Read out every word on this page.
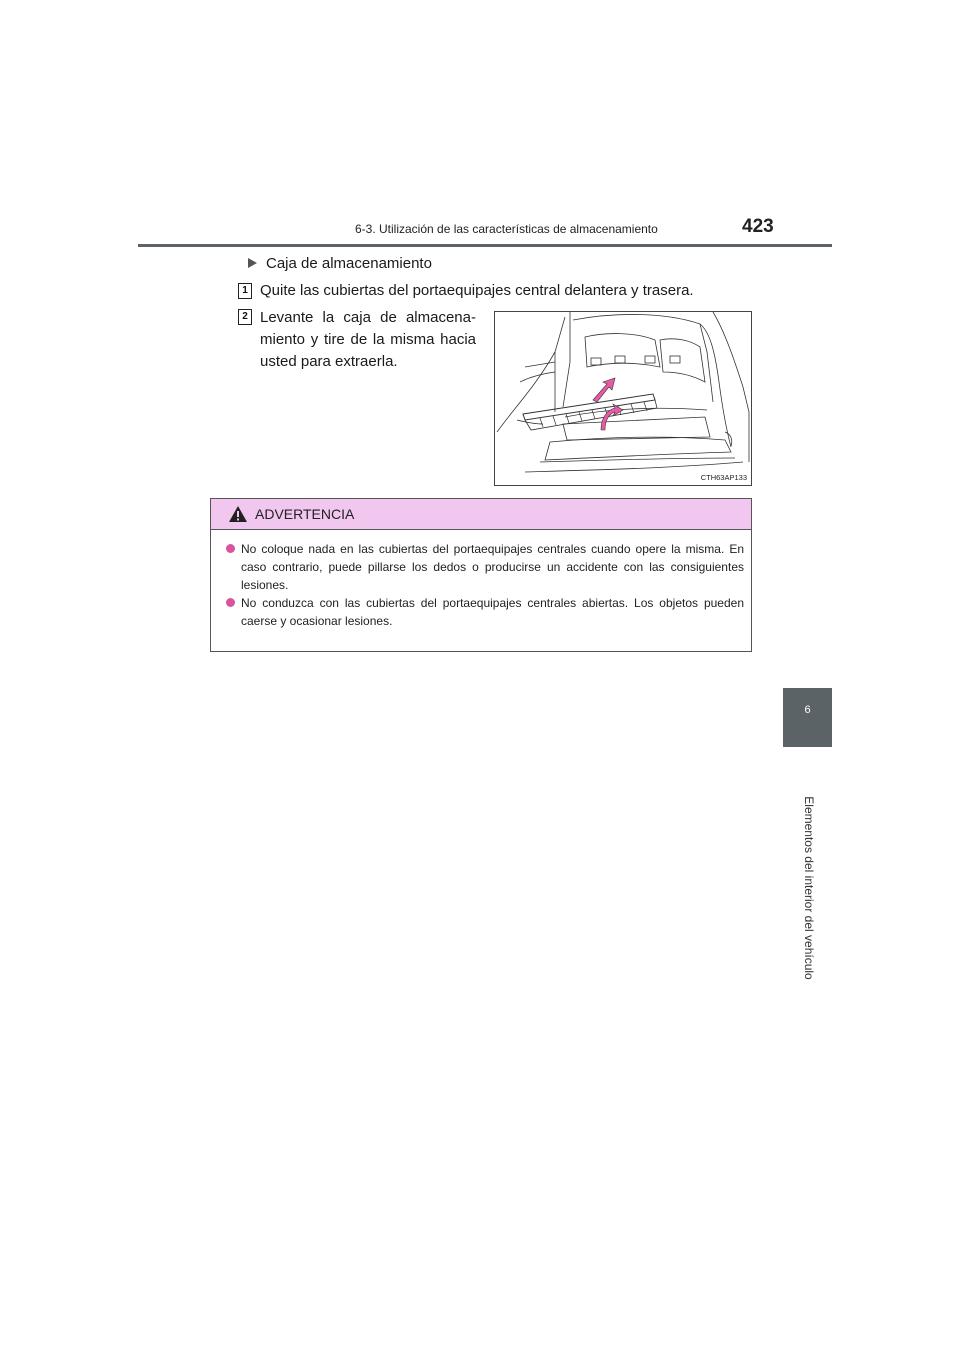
6-3. Utilización de las características de almacenamiento	423
6
Elementos del interior del vehículo
Caja de almacenamiento
1 Quite las cubiertas del portaequipajes central delantera y trasera.
2 Levante la caja de almacena-miento y tire de la misma hacia usted para extraerla.
CTH63AP133
ADVERTENCIA
No coloque nada en las cubiertas del portaequipajes centrales cuando opere la misma. En caso contrario, puede pillarse los dedos o producirse un accidente con las consiguientes lesiones.
No conduzca con las cubiertas del portaequipajes centrales abiertas. Los objetos pueden caerse y ocasionar lesiones.
